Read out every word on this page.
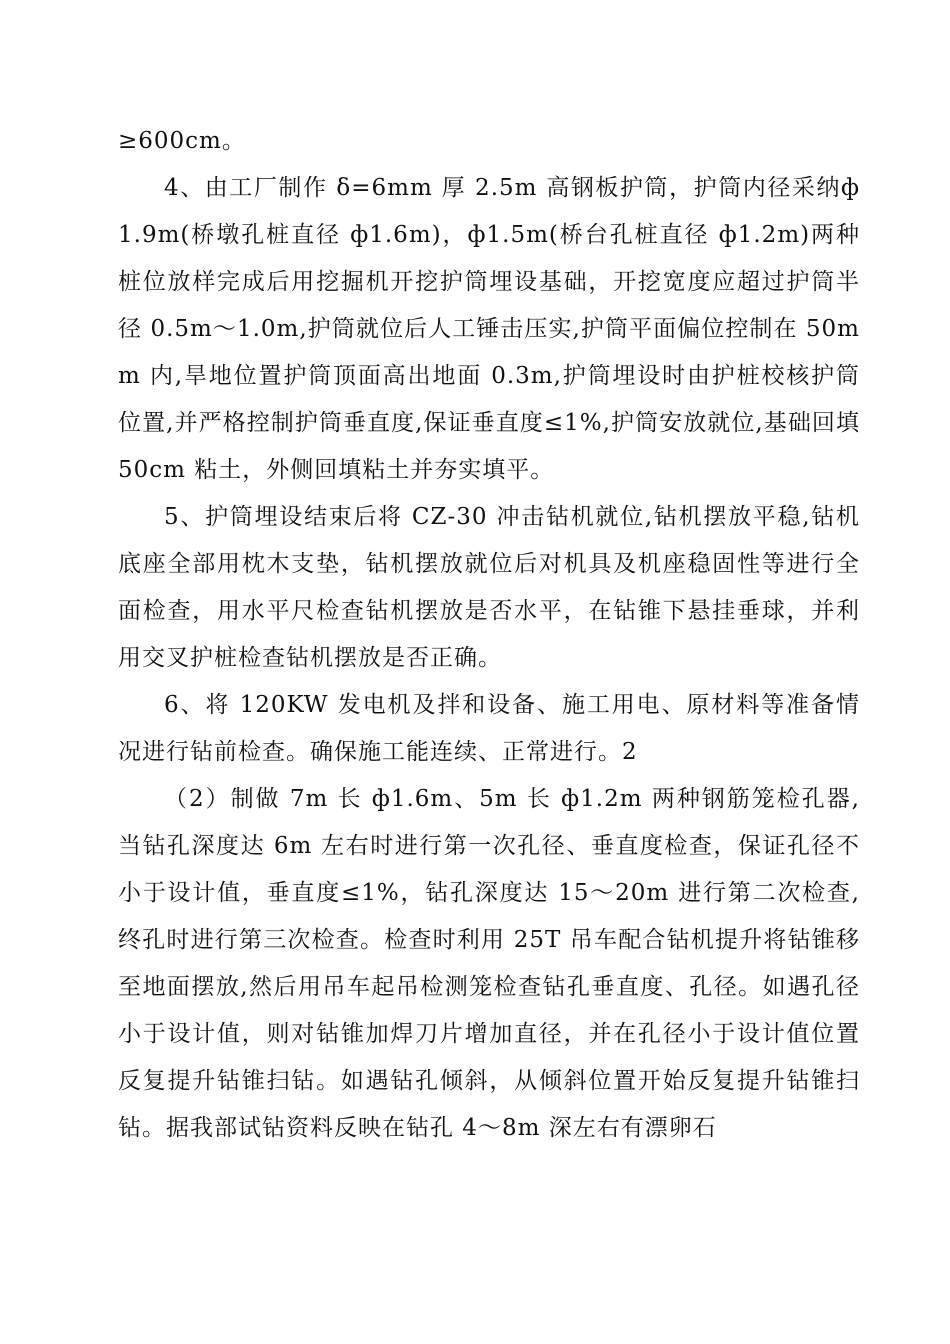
≥600cm。

4、由工厂制作 δ=6mm 厚 2.5m 高钢板护筒，护筒内径采纳ф1.9m(桥墩孔桩直径 ф1.6m)，ф1.5m(桥台孔桩直径 ф1.2m)两种桩位放样完成后用挖掘机开挖护筒埋设基础，开挖宽度应超过护筒半径 0.5m～1.0m,护筒就位后人工锤击压实,护筒平面偏位控制在 50mm 内,旱地位置护筒顶面高出地面 0.3m,护筒埋设时由护桩校核护筒位置,并严格控制护筒垂直度,保证垂直度≤1%,护筒安放就位,基础回填 50cm 粘土，外侧回填粘土并夯实填平。

5、护筒埋设结束后将 CZ-30 冲击钻机就位,钻机摆放平稳,钻机底座全部用枕木支垫，钻机摆放就位后对机具及机座稳固性等进行全面检查，用水平尺检查钻机摆放是否水平，在钻锥下悬挂垂球，并利用交叉护桩检查钻机摆放是否正确。

6、将 120KW 发电机及拌和设备、施工用电、原材料等准备情况进行钻前检查。确保施工能连续、正常进行。2

（2）制做 7m 长 ф1.6m、5m 长 ф1.2m 两种钢筋笼检孔器,当钻孔深度达 6m 左右时进行第一次孔径、垂直度检查，保证孔径不小于设计值，垂直度≤1%，钻孔深度达 15～20m 进行第二次检查,终孔时进行第三次检查。检查时利用 25T 吊车配合钻机提升将钻锥移至地面摆放,然后用吊车起吊检测笼检查钻孔垂直度、孔径。如遇孔径小于设计值，则对钻锥加焊刀片增加直径，并在孔径小于设计值位置反复提升钻锥扫钻。如遇钻孔倾斜，从倾斜位置开始反复提升钻锥扫钻。据我部试钻资料反映在钻孔 4～8m 深左右有漂卵石
